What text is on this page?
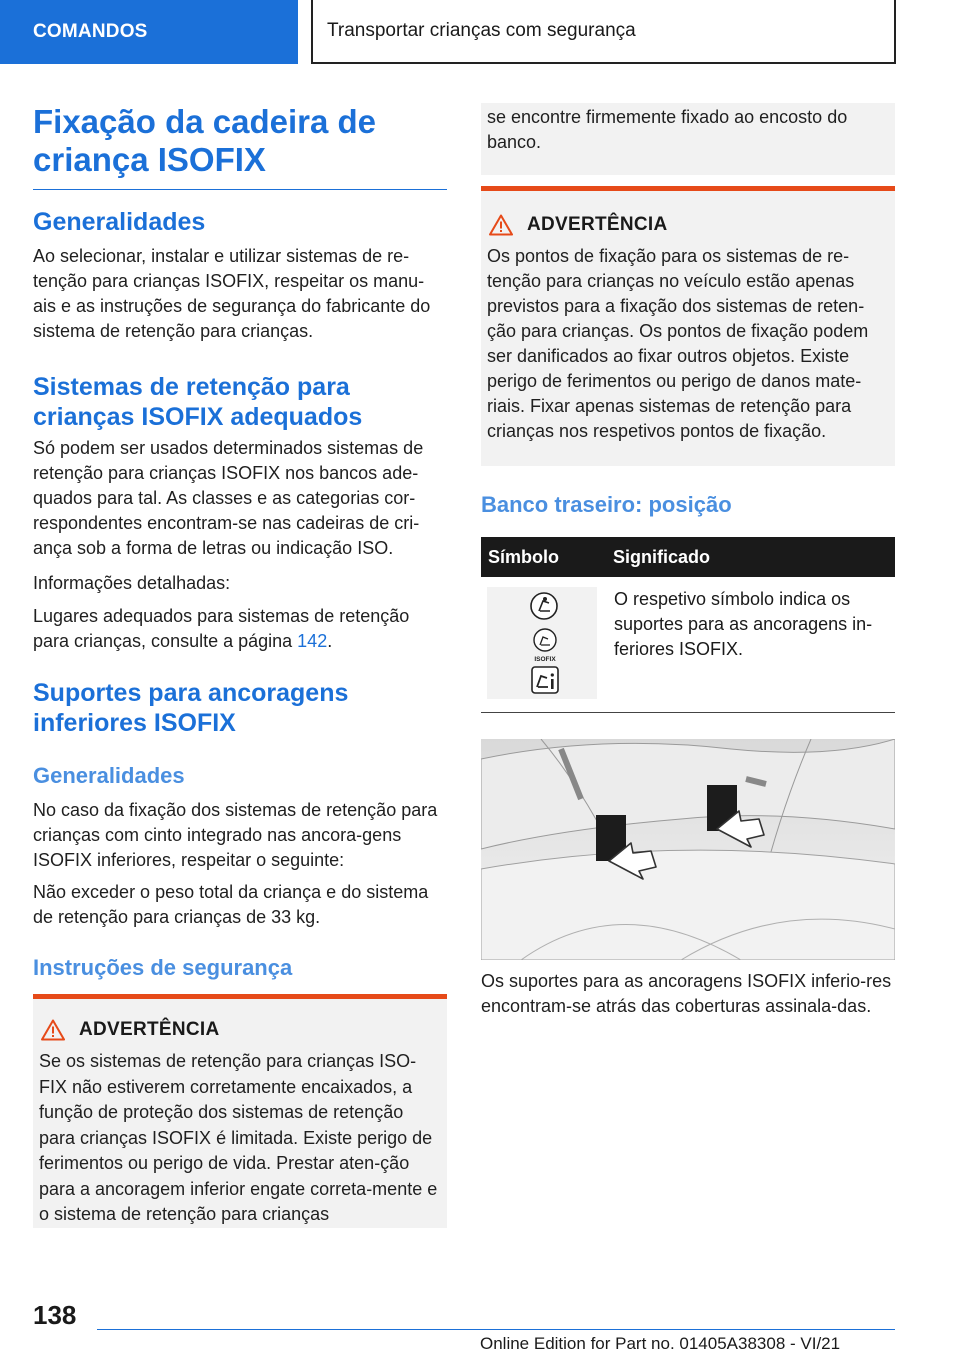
COMANDOS	Transportar crianças com segurança
Fixação da cadeira de criança ISOFIX
Generalidades

Ao selecionar, instalar e utilizar sistemas de re-tenção para crianças ISOFIX, respeitar os manu-ais e as instruções de segurança do fabricante do sistema de retenção para crianças.

Sistemas de retenção para crianças ISOFIX adequados

Só podem ser usados determinados sistemas de retenção para crianças ISOFIX nos bancos ade-quados para tal. As classes e as categorias cor-respondentes encontram-se nas cadeiras de cri-ança sob a forma de letras ou indicação ISO.

Informações detalhadas:

Lugares adequados para sistemas de retenção para crianças, consulte a página 142.

Suportes para ancoragens inferiores ISOFIX
Generalidades

No caso da fixação dos sistemas de retenção para crianças com cinto integrado nas ancora-gens ISOFIX inferiores, respeitar o seguinte:

Não exceder o peso total da criança e do sistema de retenção para crianças de 33 kg.

Instruções de segurança
ADVERTÊNCIA

Se os sistemas de retenção para crianças ISO-FIX não estiverem corretamente encaixados, a função de proteção dos sistemas de retenção para crianças ISOFIX é limitada. Existe perigo de ferimentos ou perigo de vida. Prestar aten-ção para a ancoragem inferior engate correta-mente e o sistema de retenção para crianças

se encontre firmemente fixado ao encosto do banco.

ADVERTÊNCIA

Os pontos de fixação para os sistemas de re-tenção para crianças no veículo estão apenas previstos para a fixação dos sistemas de reten-ção para crianças. Os pontos de fixação podem ser danificados ao fixar outros objetos. Existe perigo de ferimentos ou perigo de danos mate-riais. Fixar apenas sistemas de retenção para crianças nos respetivos pontos de fixação.

Banco traseiro: posição
Símbolo	Significado

ISOFIX	O respetivo símbolo indica os suportes para as ancoragens in-feriores ISOFIX.

Os suportes para as ancoragens ISOFIX inferio-res encontram-se atrás das coberturas assinala-das.

138
Online Edition for Part no. 01405A38308 - VI/21
